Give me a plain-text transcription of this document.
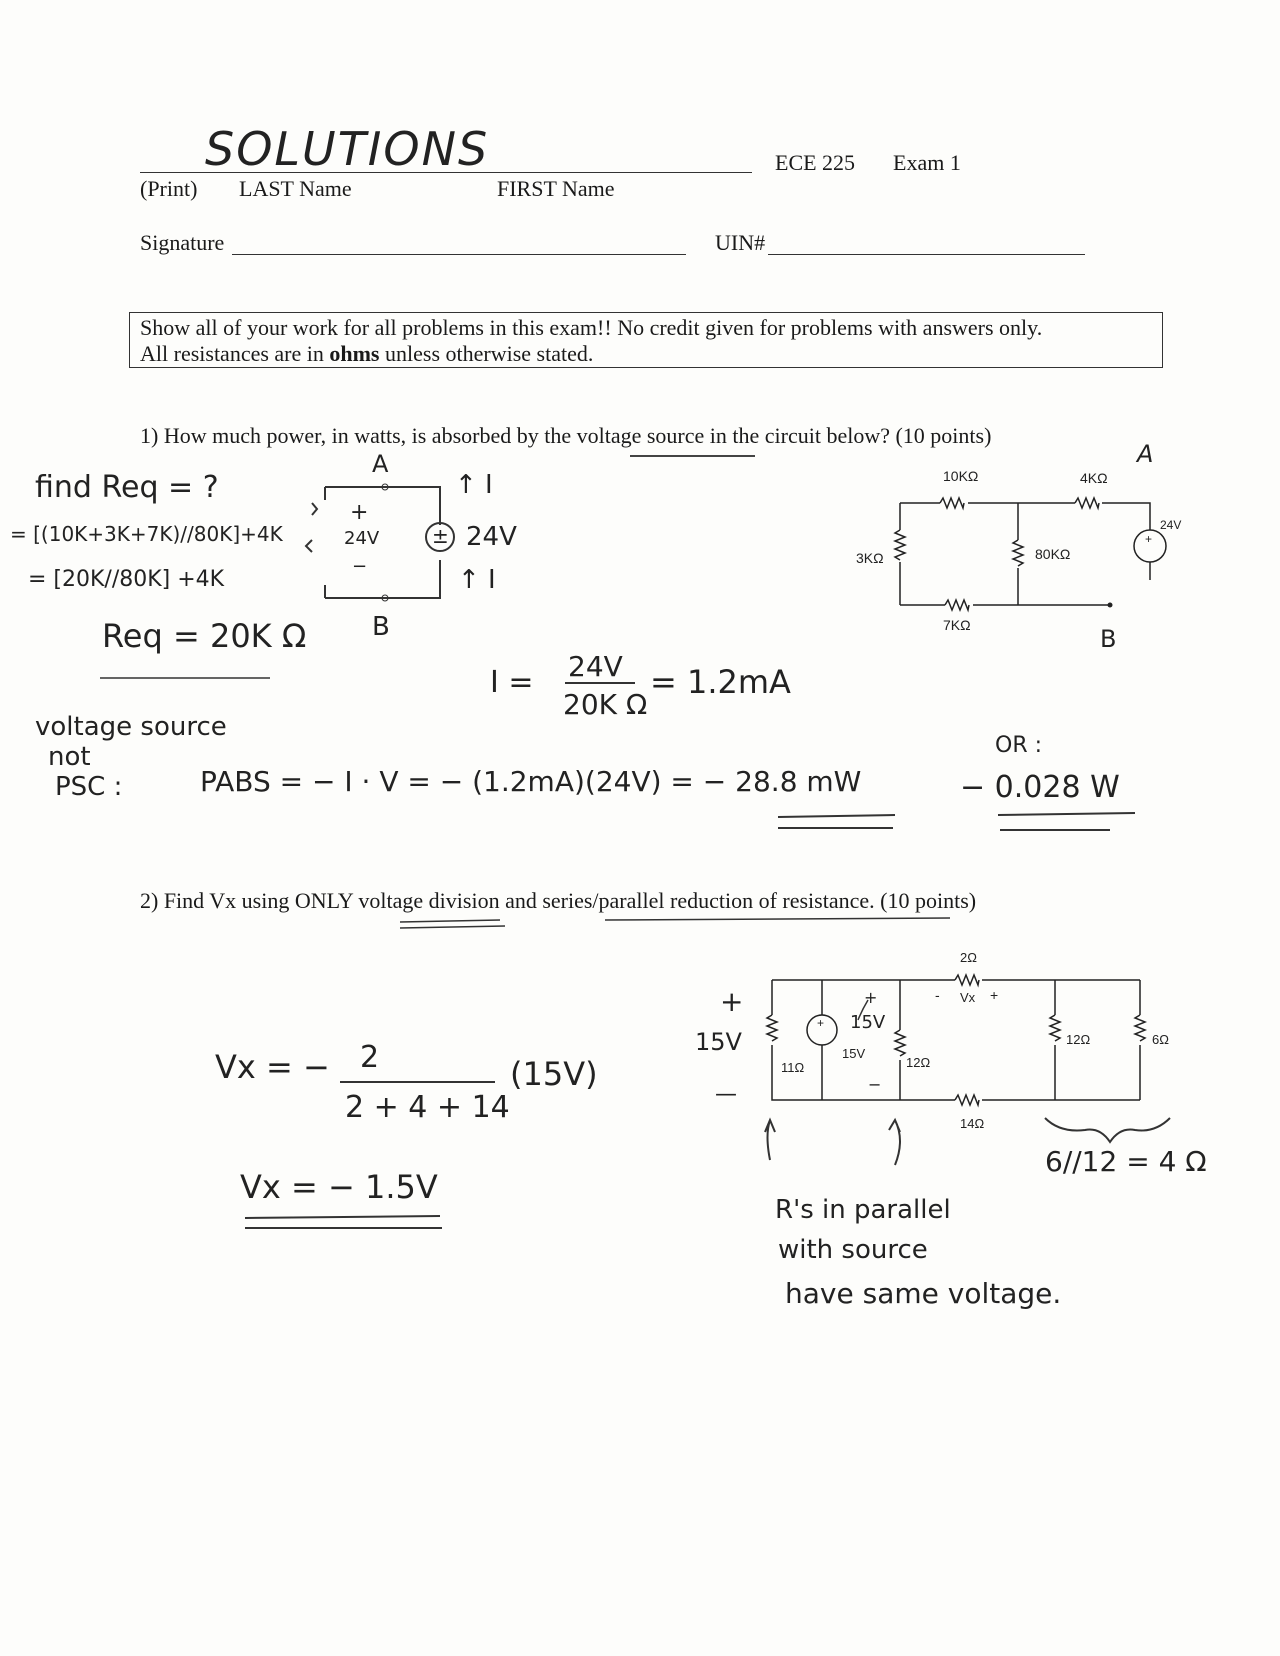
SOLUTIONS	ECE 225 Exam 1
(Print) LAST Name	FIRST Name
Signature	UIN#
Show all of your work for all problems in this exam!! No credit given for problems with answers only.
All resistances are in ohms unless otherwise stated.
1) How much power, in watts, is absorbed by the voltage source in the circuit below? (10 points)
+
10KΩ	4KΩ
3KΩ	80KΩ
7KΩ
24V
A
B
find Req = ?
= [(10K+3K+7K)//80K]+4K
= [20K//80K] +4K
Req = 20K Ω
A
B
+
−
24V	± 24V
↑ I
↑ I
I = 24V
20K Ω
= 1.2mA
voltage source
not
PSC :	PABS = − I · V = − (1.2mA)(24V) = − 28.8 mW
OR :
− 0.028 W
2) Find Vx using ONLY voltage division and series/parallel reduction of resistance. (10 points)
+
2Ω
11Ω	12Ω
12Ω	6Ω
14Ω
15V
Vx
-	+
Vx = − 2
2 + 4 + 14
(15V)
Vx = − 1.5V
+
15V
—
+
15V
−
6//12 = 4 Ω
R's in parallel
with source
have same voltage.
